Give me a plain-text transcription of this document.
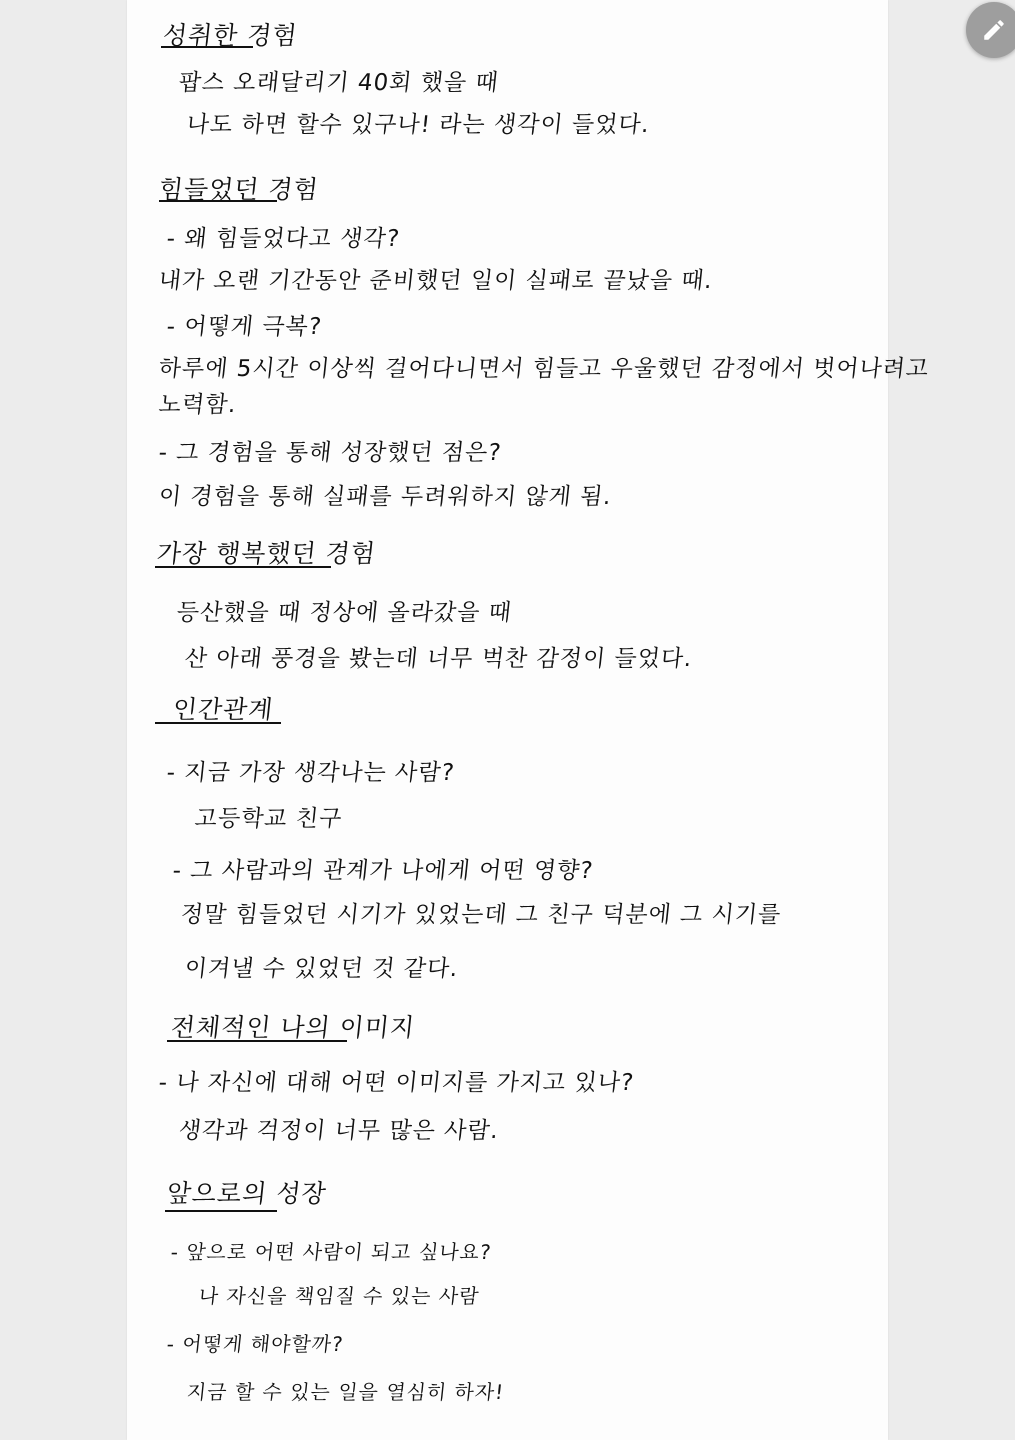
성취한 경험
팝스 오래달리기 40회 했을 때
나도 하면 할수 있구나! 라는 생각이 들었다.
힘들었던 경험
- 왜 힘들었다고 생각?
내가 오랜 기간동안 준비했던 일이 실패로 끝났을 때.
- 어떻게 극복?
하루에 5시간 이상씩 걸어다니면서 힘들고 우울했던 감정에서 벗어나려고
노력함.
- 그 경험을 통해 성장했던 점은?
이 경험을 통해 실패를 두려워하지 않게 됨.
가장 행복했던 경험
등산했을 때 정상에 올라갔을 때
산 아래 풍경을 봤는데 너무 벅찬 감정이 들었다.
인간관계
- 지금 가장 생각나는 사람?
고등학교 친구
- 그 사람과의 관계가 나에게 어떤 영향?
정말 힘들었던 시기가 있었는데 그 친구 덕분에 그 시기를
이겨낼 수 있었던 것 같다.
전체적인 나의 이미지
- 나 자신에 대해 어떤 이미지를 가지고 있나?
생각과 걱정이 너무 많은 사람.
앞으로의 성장
- 앞으로 어떤 사람이 되고 싶나요?
나 자신을 책임질 수 있는 사람
- 어떻게 해야할까?
지금 할 수 있는 일을 열심히 하자!
